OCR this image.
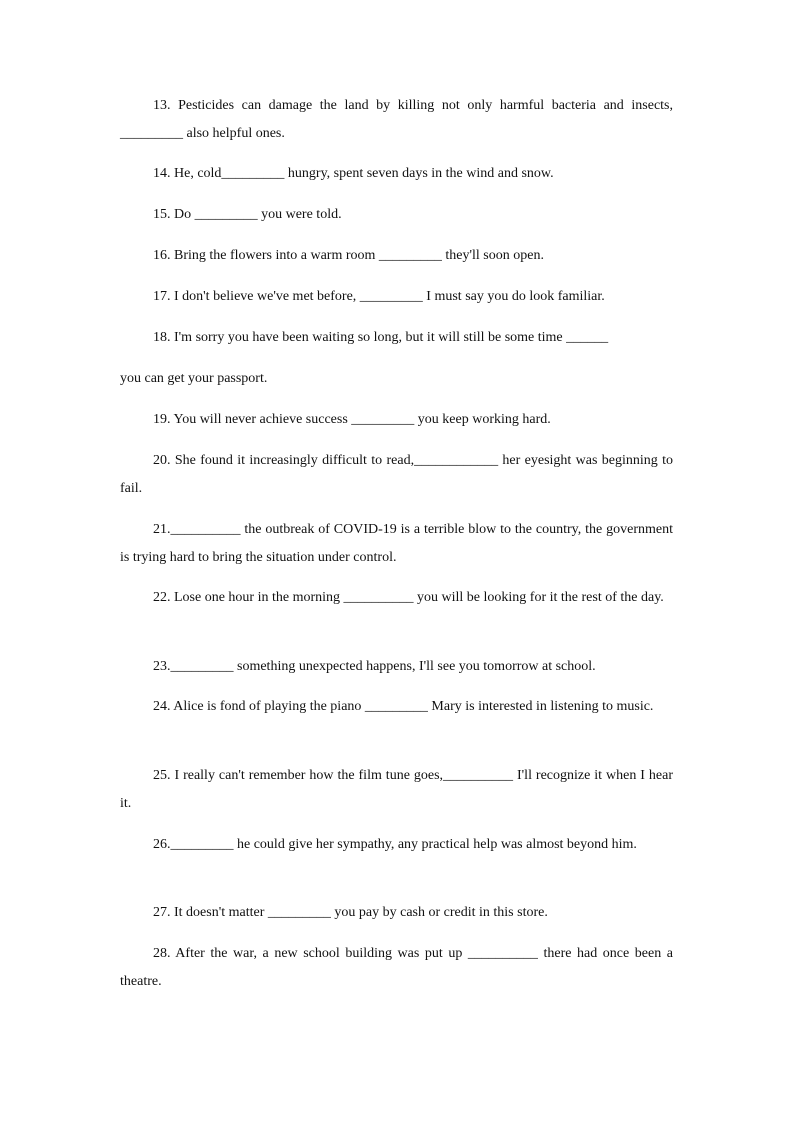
13. Pesticides can damage the land by killing not only harmful bacteria and insects, _________ also helpful ones.

14. He, cold_________ hungry, spent seven days in the wind and snow.

15. Do _________ you were told.

16. Bring the flowers into a warm room _________ they'll soon open.

17. I don't believe we've met before, _________ I must say you do look familiar.

18. I'm sorry you have been waiting so long, but it will still be some time ______
you can get your passport.

19. You will never achieve success _________ you keep working hard.

20. She found it increasingly difficult to read,____________ her eyesight was beginning to fail.

21.__________ the outbreak of COVID-19 is a terrible blow to the country, the government is trying hard to bring the situation under control.

22. Lose one hour in the morning __________ you will be looking for it the rest of the day.

23._________ something unexpected happens, I'll see you tomorrow at school.

24. Alice is fond of playing the piano _________ Mary is interested in listening to music.

25. I really can't remember how the film tune goes,__________ I'll recognize it when I hear it.

26._________ he could give her sympathy, any practical help was almost beyond him.

27. It doesn't matter _________ you pay by cash or credit in this store.

28. After the war, a new school building was put up __________ there had once been a theatre.
